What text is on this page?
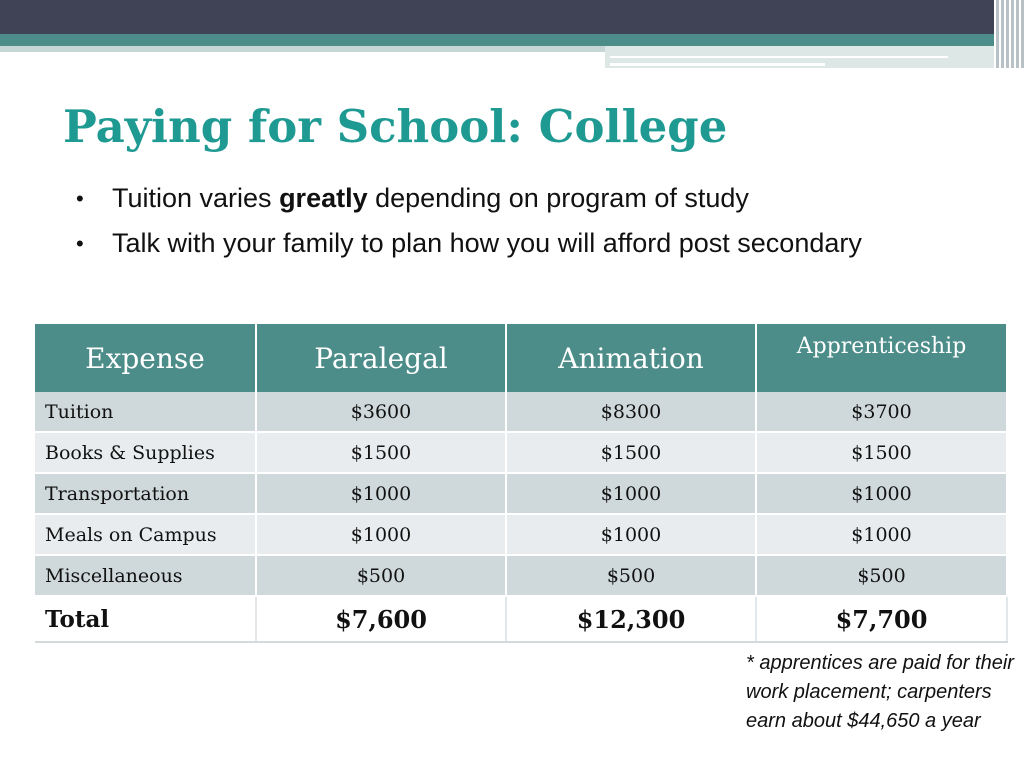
Paying for School: College
• Tuition varies greatly depending on program of study
• Talk with your family to plan how you will afford post secondary
Expense	Paralegal	Animation	Apprenticeship
Tuition	$3600	$8300	$3700
Books & Supplies	$1500	$1500	$1500
Transportation	$1000	$1000	$1000
Meals on Campus	$1000	$1000	$1000
Miscellaneous	$500	$500	$500
Total	$7,600	$12,300	$7,700
* apprentices are paid for their work placement; carpenters earn about $44,650 a year
